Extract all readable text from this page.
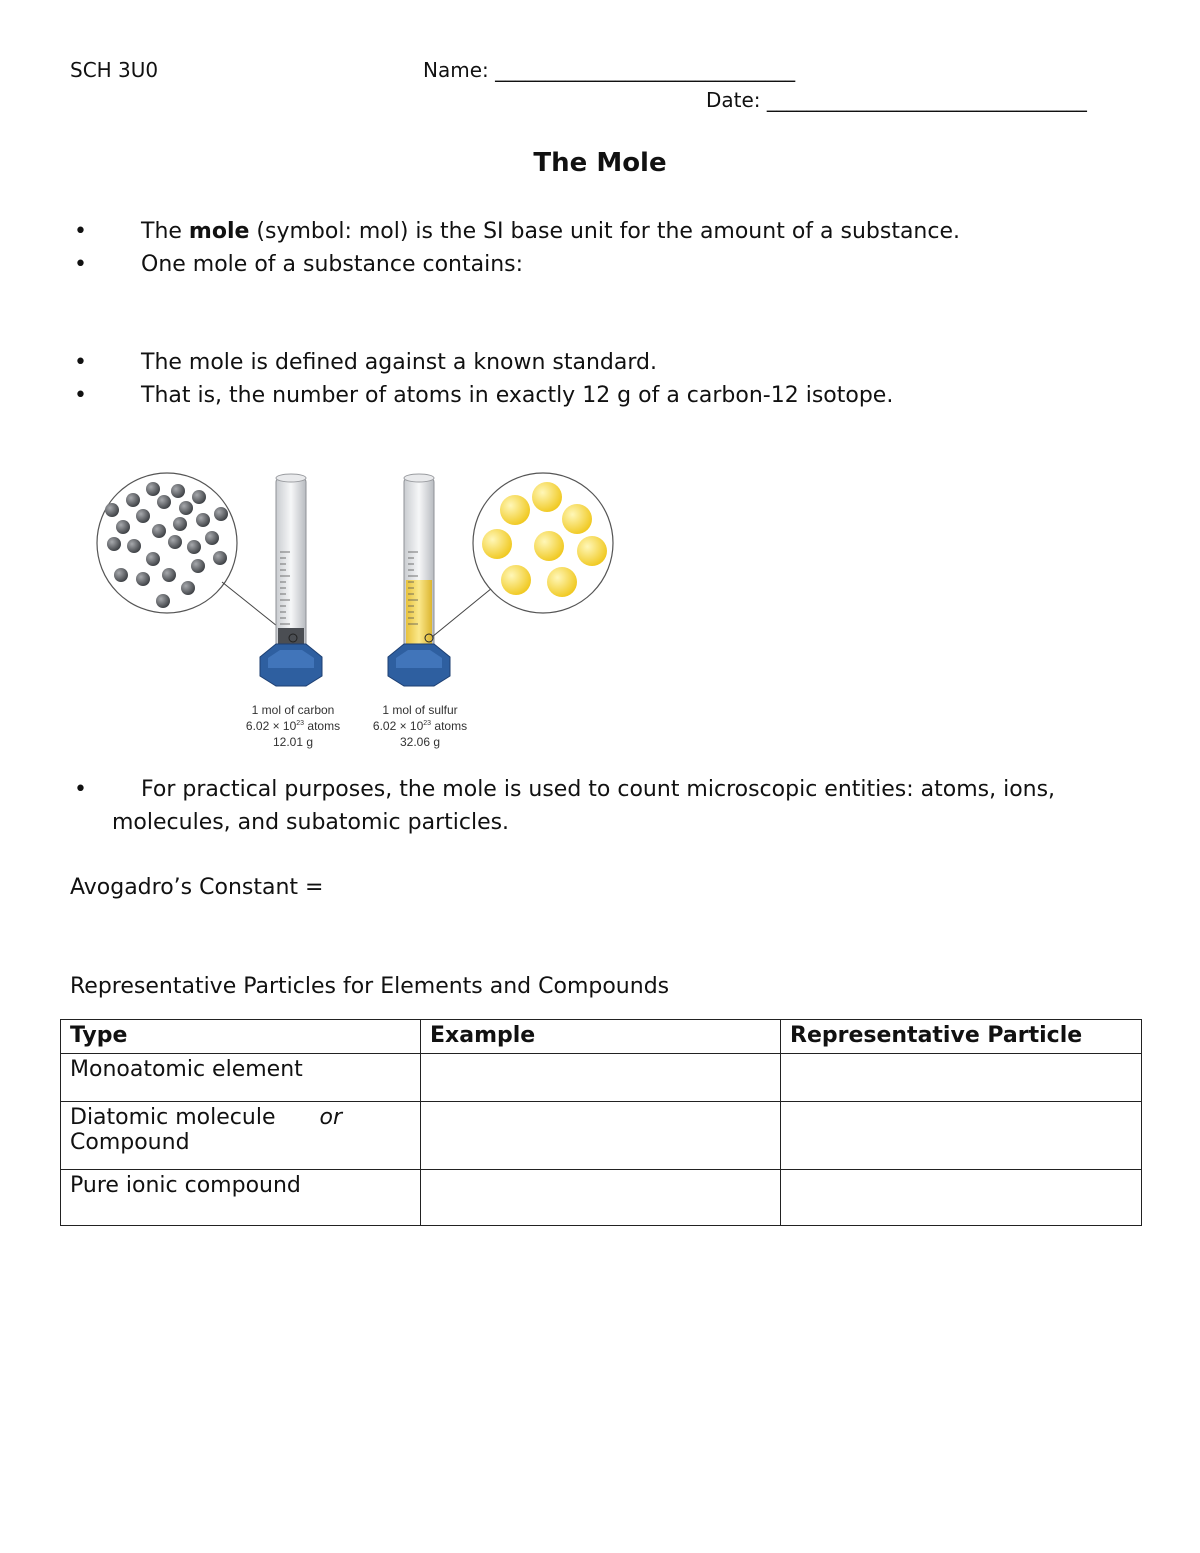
SCH 3U0	Name: ______________________________
Date: ________________________________
The Mole
• The mole (symbol: mol) is the SI base unit for the amount of a substance.
• One mole of a substance contains:
• The mole is defined against a known standard.
• That is, the number of atoms in exactly 12 g of a carbon-12 isotope.
1 mol of carbon
$6.02 \times 10^{23}$ atoms
12.01 g
1 mol of sulfur
$6.02 \times 10^{23}$ atoms
32.06 g
• For practical purposes, the mole is used to count microscopic entities: atoms, ions,
molecules, and subatomic particles.
Avogadro’s Constant =
Representative Particles for Elements and Compounds
Type	Example	Representative Particle
Monoatomic element		
Diatomic molecule or
Compound		
Pure ionic compound		
